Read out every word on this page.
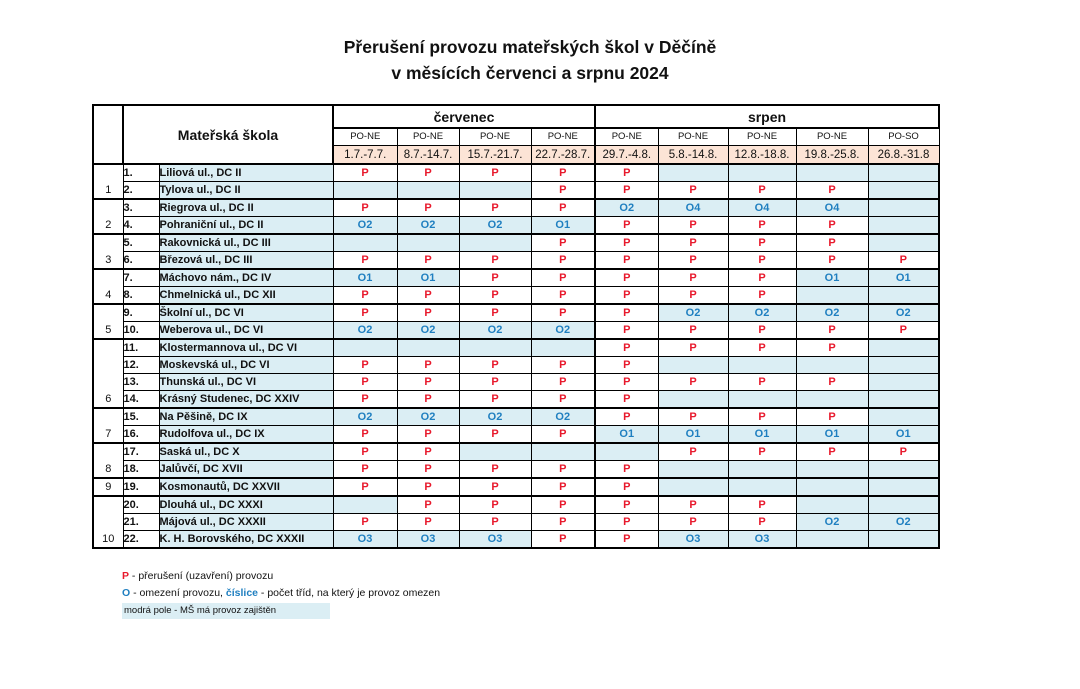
Přerušení provozu mateřských škol v Děčíně
v měsících červenci a srpnu 2024
	Mateřská škola		červenec				srpen				
			PO-NE	PO-NE	PO-NE	PO-NE	PO-NE	PO-NE	PO-NE	PO-NE	PO-SO
			1.7.-7.7.	8.7.-14.7.	15.7.-21.7.	22.7.-28.7.	29.7.-4.8.	5.8.-14.8.	12.8.-18.8.	19.8.-25.8.	26.8.-31.8
1	1.	Liliová ul., DC II	P	P	P	P	P				
	2.	Tylova ul., DC II				P	P	P	P	P	
2	3.	Riegrova ul., DC II	P	P	P	P	O2	O4	O4	O4	
	4.	Pohraniční ul., DC II	O2	O2	O2	O1	P	P	P	P	
3	5.	Rakovnická ul., DC III				P	P	P	P	P	
	6.	Březová ul., DC III	P	P	P	P	P	P	P	P	P
4	7.	Máchovo nám., DC IV	O1	O1	P	P	P	P	P	O1	O1
	8.	Chmelnická ul., DC XII	P	P	P	P	P	P	P		
5	9.	Školní ul., DC VI	P	P	P	P	P	O2	O2	O2	O2
	10.	Weberova ul., DC VI	O2	O2	O2	O2	P	P	P	P	P
6	11.	Klostermannova ul., DC VI					P	P	P	P	
	12.	Moskevská ul., DC VI	P	P	P	P	P				
	13.	Thunská ul., DC VI	P	P	P	P	P	P	P	P	
	14.	Krásný Studenec, DC XXIV	P	P	P	P	P				
7	15.	Na Pěšině, DC IX	O2	O2	O2	O2	P	P	P	P	
	16.	Rudolfova ul., DC IX	P	P	P	P	O1	O1	O1	O1	O1
8	17.	Saská ul., DC X	P	P				P	P	P	P
	18.	Jalůvčí, DC XVII	P	P	P	P	P				
9	19.	Kosmonautů, DC XXVII	P	P	P	P	P				
10	20.	Dlouhá ul., DC XXXI		P	P	P	P	P	P		
	21.	Májová ul., DC XXXII	P	P	P	P	P	P	P	O2	O2
	22.	K. H. Borovského, DC XXXII	O3	O3	O3	P	P	O3	O3		
P - přerušení (uzavření) provozu
O - omezení provozu, číslice - počet tříd, na který je provoz omezen
modrá pole - MŠ má provoz zajištěn
